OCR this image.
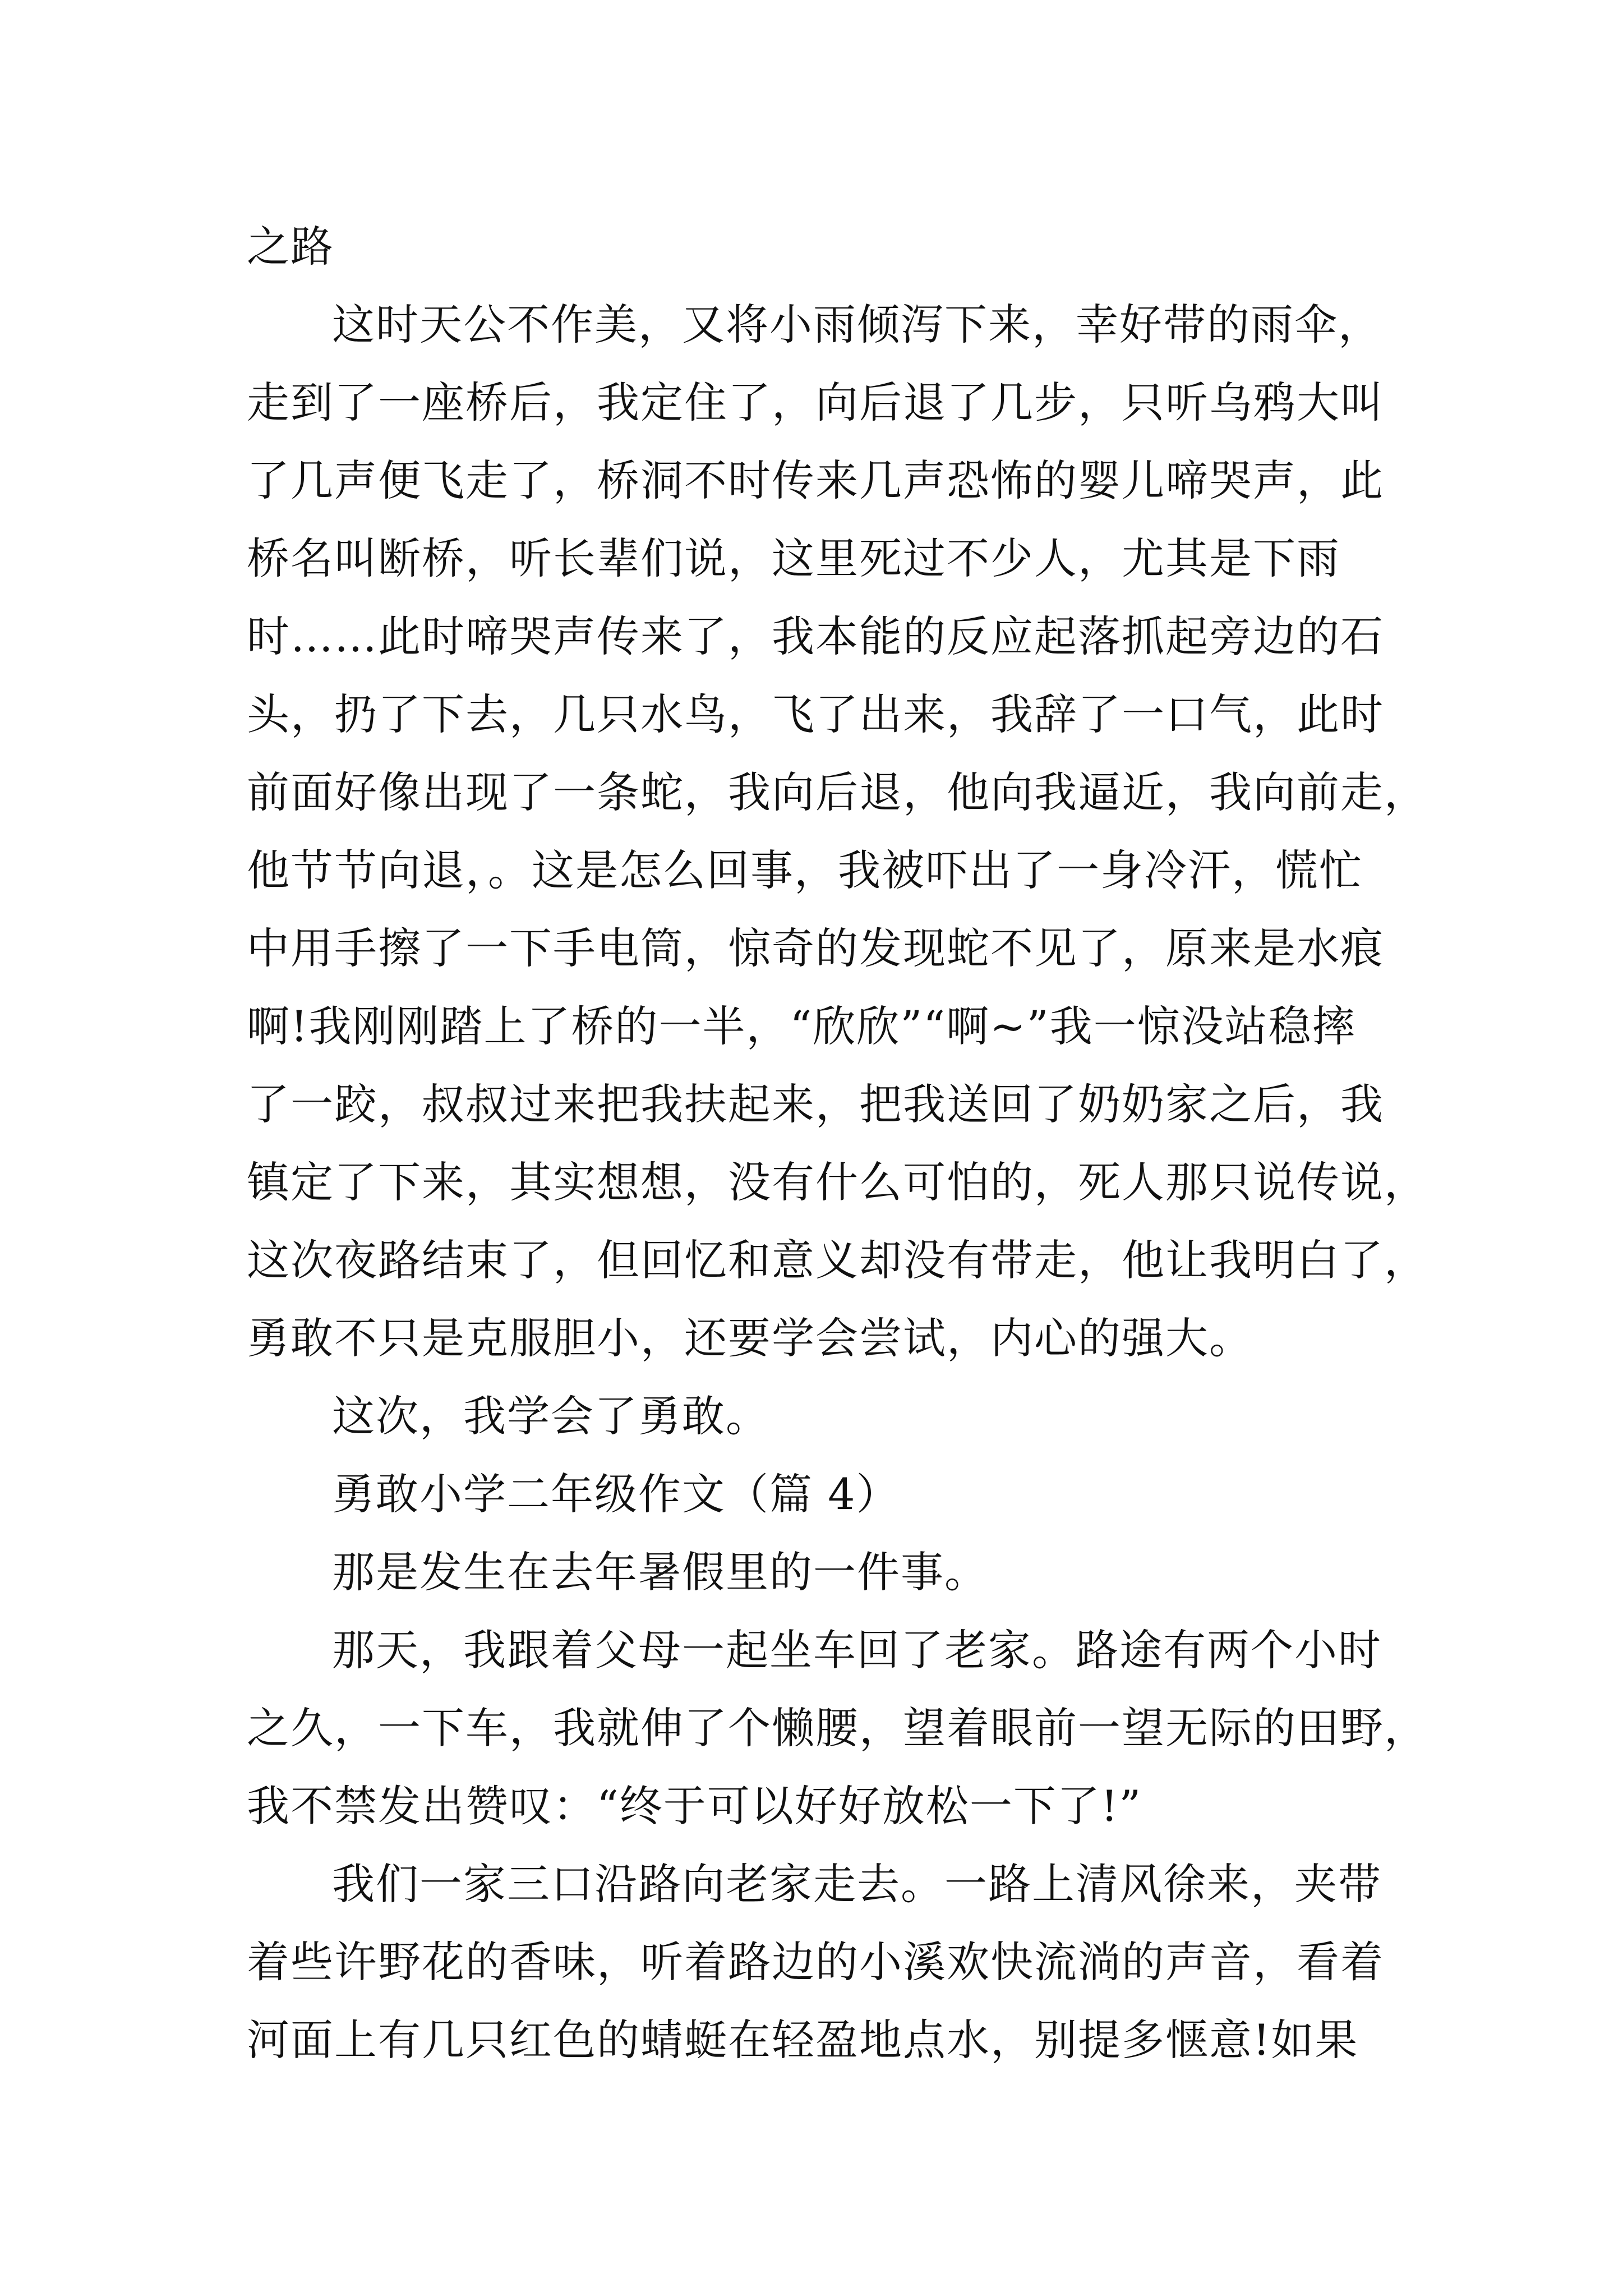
之路
这时天公不作美，又将小雨倾泻下来，幸好带的雨伞，
走到了一座桥后，我定住了，向后退了几步，只听乌鸦大叫
了几声便飞走了，桥洞不时传来几声恐怖的婴儿啼哭声，此
桥名叫断桥，听长辈们说，这里死过不少人，尤其是下雨
时……此时啼哭声传来了，我本能的反应起落抓起旁边的石
头，扔了下去，几只水鸟，飞了出来，我辞了一口气，此时
前面好像出现了一条蛇，我向后退，他向我逼近，我向前走，
他节节向退，。这是怎么回事，我被吓出了一身冷汗，慌忙
中用手擦了一下手电筒，惊奇的发现蛇不见了，原来是水痕
啊!我刚刚踏上了桥的一半，“欣欣”“啊~”我一惊没站稳摔
了一跤，叔叔过来把我扶起来，把我送回了奶奶家之后，我
镇定了下来，其实想想，没有什么可怕的，死人那只说传说，
这次夜路结束了，但回忆和意义却没有带走，他让我明白了，
勇敢不只是克服胆小，还要学会尝试，内心的强大。
这次，我学会了勇敢。
勇敢小学二年级作文（篇 4）
那是发生在去年暑假里的一件事。
那天，我跟着父母一起坐车回了老家。路途有两个小时
之久，一下车，我就伸了个懒腰，望着眼前一望无际的田野，
我不禁发出赞叹：“终于可以好好放松一下了!”
我们一家三口沿路向老家走去。一路上清风徐来，夹带
着些许野花的香味，听着路边的小溪欢快流淌的声音，看着
河面上有几只红色的蜻蜓在轻盈地点水，别提多惬意!如果
